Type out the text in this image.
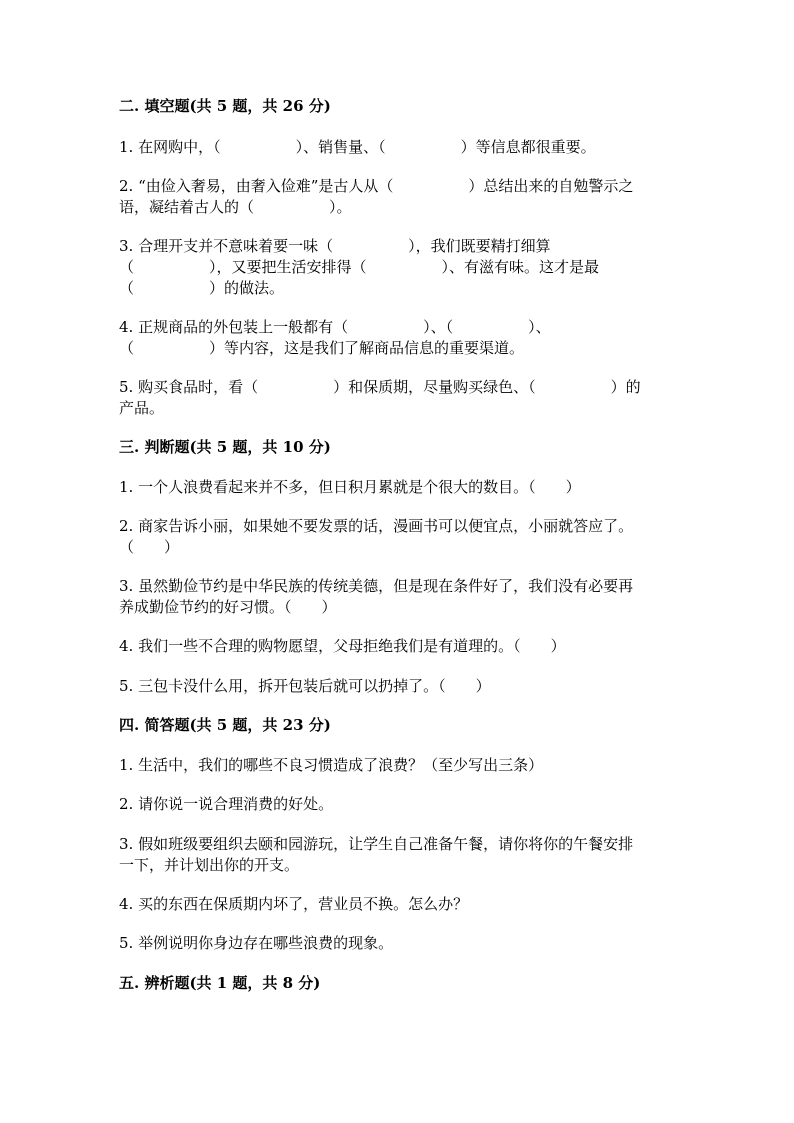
二. 填空题(共 5 题，共 26 分)
1. 在网购中，（　　　　　）、销售量、（　　　　　）等信息都很重要。
2. “由俭入奢易，由奢入俭难”是古人从（　　　　　）总结出来的自勉警示之
语，凝结着古人的（　　　　　）。
3. 合理开支并不意味着要一味（　　　　　），我们既要精打细算
（　　　　　），又要把生活安排得（　　　　　）、有滋有味。这才是最
（　　　　　）的做法。
4. 正规商品的外包装上一般都有（　　　　　）、（　　　　　）、
（　　　　　）等内容，这是我们了解商品信息的重要渠道。
5. 购买食品时，看（　　　　　）和保质期，尽量购买绿色、（　　　　　）的
产品。
三. 判断题(共 5 题，共 10 分)
1. 一个人浪费看起来并不多，但日积月累就是个很大的数目。（　　）
2. 商家告诉小丽，如果她不要发票的话，漫画书可以便宜点，小丽就答应了。
（　　）
3. 虽然勤俭节约是中华民族的传统美德，但是现在条件好了，我们没有必要再
养成勤俭节约的好习惯。（　　）
4. 我们一些不合理的购物愿望，父母拒绝我们是有道理的。（　　）
5. 三包卡没什么用，拆开包装后就可以扔掉了。（　　）
四. 简答题(共 5 题，共 23 分)
1. 生活中，我们的哪些不良习惯造成了浪费？（至少写出三条）
2. 请你说一说合理消费的好处。
3. 假如班级要组织去颐和园游玩，让学生自己准备午餐，请你将你的午餐安排
一下，并计划出你的开支。
4. 买的东西在保质期内坏了，营业员不换。怎么办？
5. 举例说明你身边存在哪些浪费的现象。
五. 辨析题(共 1 题，共 8 分)
